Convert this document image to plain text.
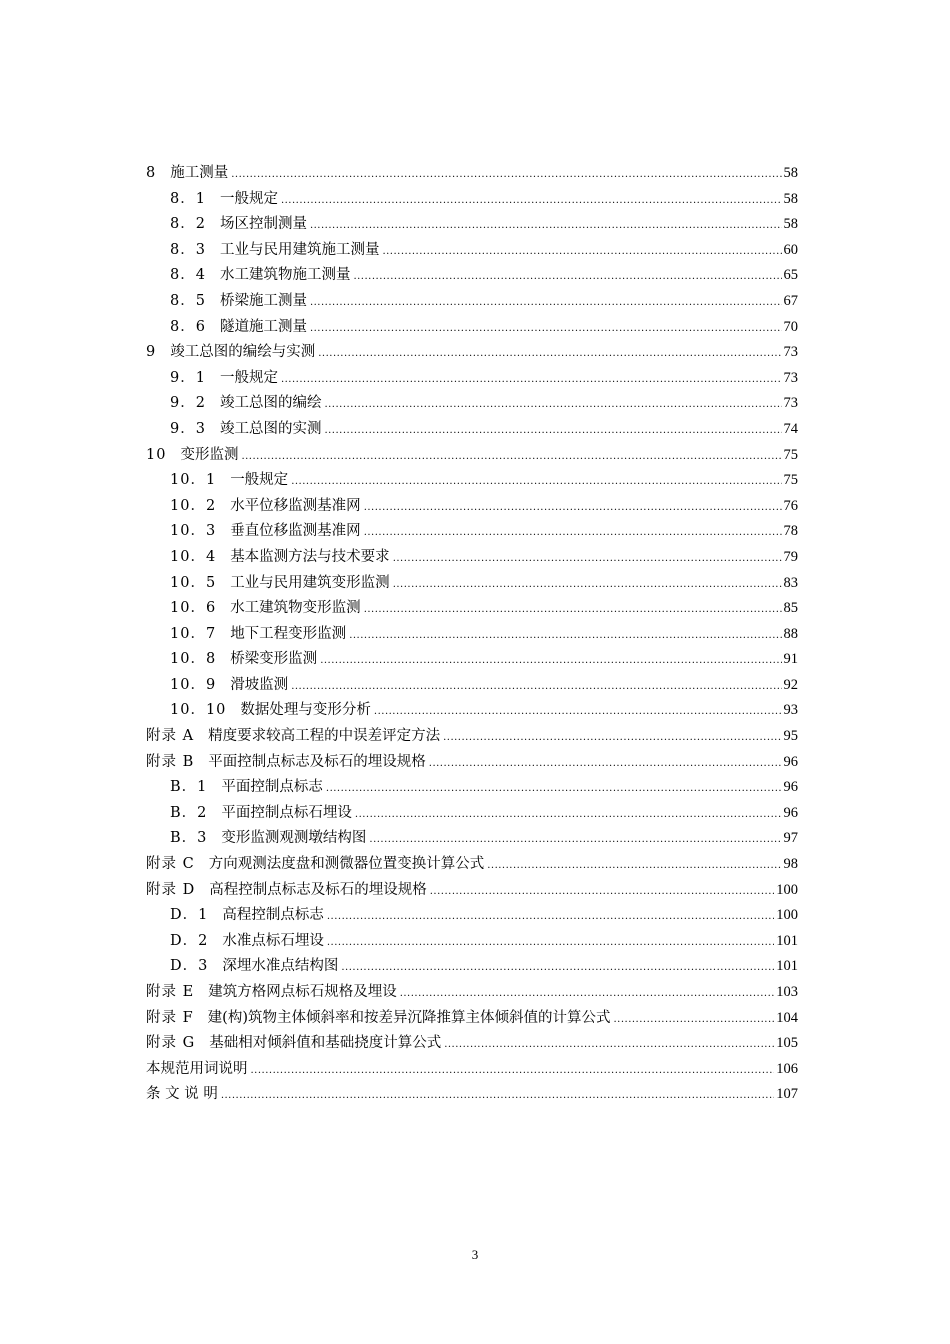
8 施工测量 .....	58
8．1 一般规定 .....	58
8．2 场区控制测量 .....	58
8．3 工业与民用建筑施工测量 .....	60
8．4 水工建筑物施工测量 .....	65
8．5 桥梁施工测量 .....	67
8．6 隧道施工测量 .....	70
9 竣工总图的编绘与实测 .....	73
9．1 一般规定 .....	73
9．2 竣工总图的编绘 .....	73
9．3 竣工总图的实测 .....	74
10 变形监测 .....	75
10．1 一般规定 .....	75
10．2 水平位移监测基准网 .....	76
10．3 垂直位移监测基准网 .....	78
10．4 基本监测方法与技术要求 .....	79
10．5 工业与民用建筑变形监测 .....	83
10．6 水工建筑物变形监测 .....	85
10．7 地下工程变形监测 .....	88
10．8 桥梁变形监测 .....	91
10．9 滑坡监测 .....	92
10．10 数据处理与变形分析 .....	93
附录 A 精度要求较高工程的中误差评定方法 .....	95
附录 B 平面控制点标志及标石的埋设规格 .....	96
B．1 平面控制点标志 .....	96
B．2 平面控制点标石埋设 .....	96
B．3 变形监测观测墩结构图 .....	97
附录 C 方向观测法度盘和测微器位置变换计算公式 .....	98
附录 D 高程控制点标志及标石的埋设规格 .....	100
D．1 高程控制点标志 .....	100
D．2 水准点标石埋设 .....	101
D．3 深埋水准点结构图 .....	101
附录 E 建筑方格网点标石规格及埋设 .....	103
附录 F 建(构)筑物主体倾斜率和按差异沉降推算主体倾斜值的计算公式 .....	104
附录 G 基础相对倾斜值和基础挠度计算公式 .....	105
本规范用词说明 .....	106
条 文 说 明 .....	107
3
